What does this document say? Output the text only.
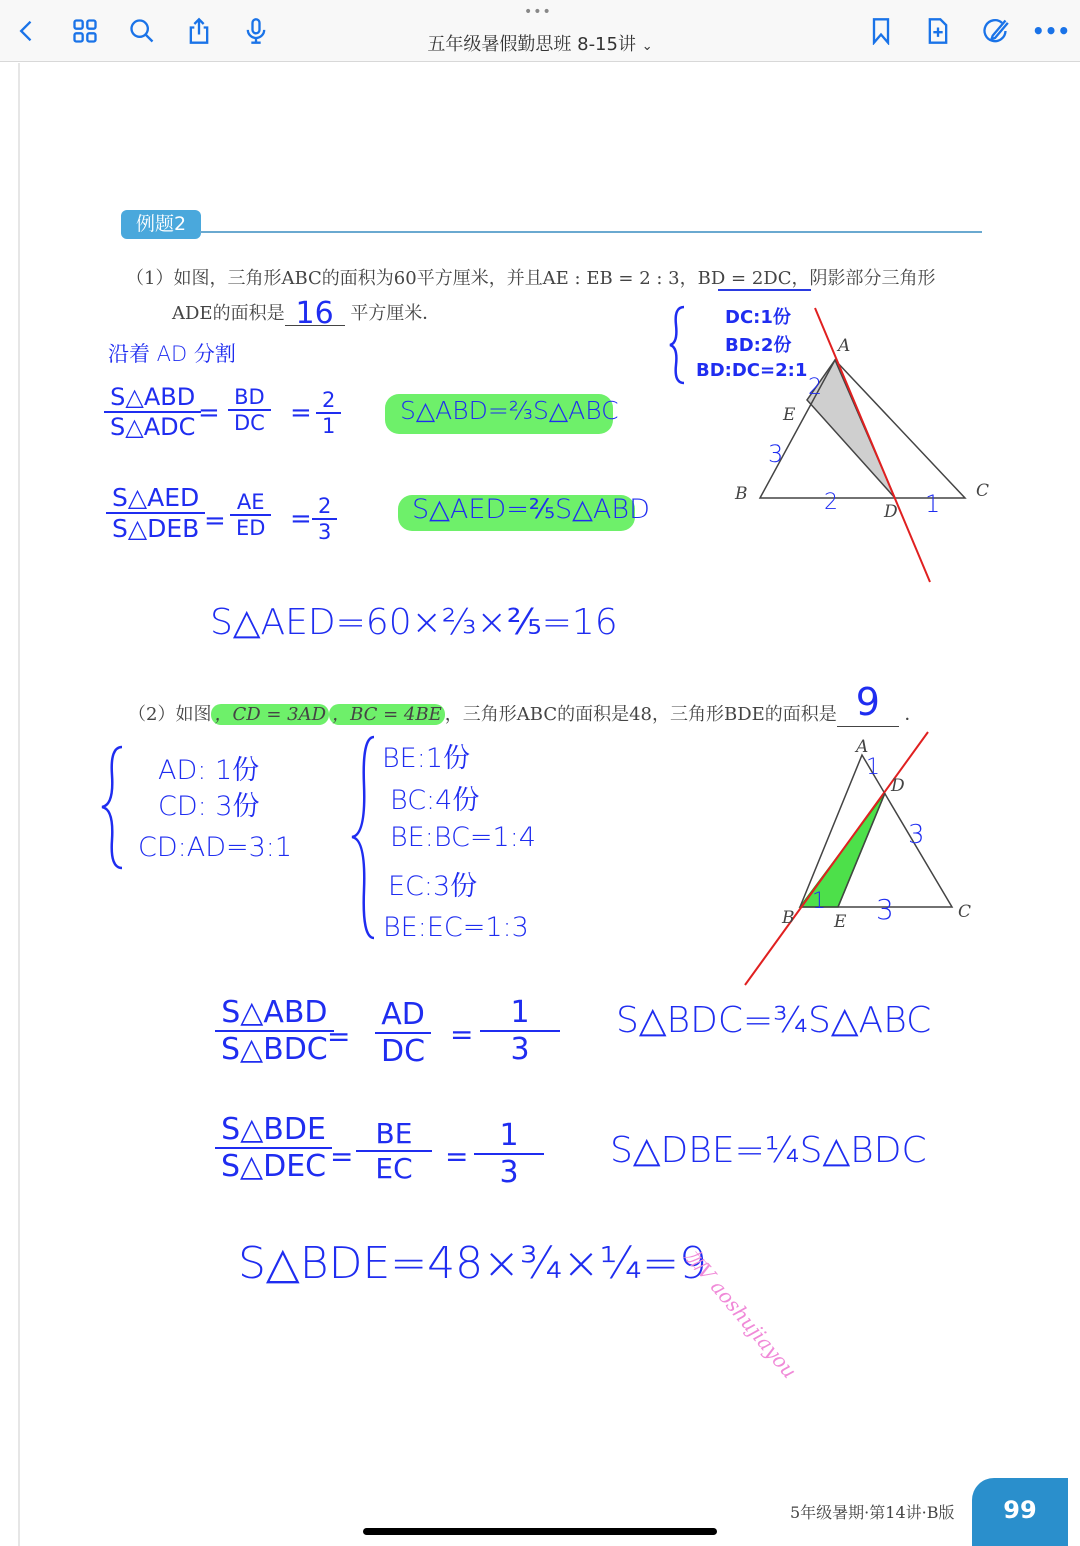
•••
五年级暑假勤思班 8-15讲 ⌄
•••
例题2
（1）如图，三角形ABC的面积为60平方厘米，并且AE : EB = 2 : 3，BD = 2DC，阴影部分三角形
ADE的面积是 16 平方厘米．
沿着 AD 分割
DC:1份
BD:2份
BD:DC=2:1
S△ABD
S△ADC = $\frac{BD}{DC} = \frac{2}{1}$ S△ABD=⅔S△ABC
S△AED
S△DEB = $\frac{AE}{ED} = \frac{2}{3}$	S△AED=⅖S△ABD
S△AED=60×⅔×⅖=16
A
B	C
D
E
2
3
2	1
（2）如图 ，CD = 3AD ，BC = 4BE ，三角形ABC的面积是48，三角形BDE的面积是 9	．
AD: 1份
CD: 3份
CD:AD=3:1
BE:1份
BC:4份
BE:BC=1:4
EC:3份
BE:EC=1:3
A
B	C
D
E
1
3
1 3
S△ABD
S△BDC = $\frac{AD}{DC} = \frac{1}{3}$ S△BDC=¾S△ABC
S△BDE
S△DEC = $\frac{BE}{EC} = \frac{1}{3}$ S△DBE=¼S△BDC
S△BDE=48×¾×¼=9
加V aoshujiayou
5年级暑期·第14讲·B版	99
